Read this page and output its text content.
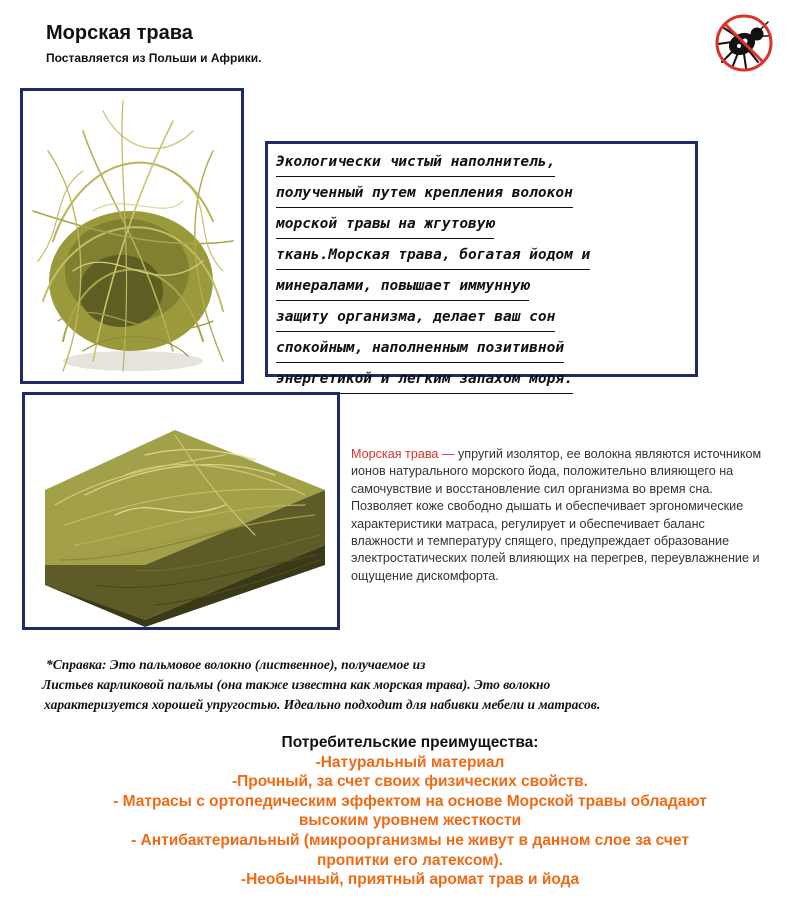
Морская трава
Поставляется из Польши и Африки.
Экологически чистый наполнитель,
полученный путем крепления волокон
морской травы на жгутовую
ткань.Морская трава, богатая йодом и
минералами, повышает иммунную
защиту организма, делает ваш сон
спокойным, наполненным позитивной
энергетикой и легким запахом моря.
Морская трава — упругий изолятор, ее волокна являются источником ионов натурального морского йода, положительно влияющего на самочувствие и восстановление сил организма во время сна. Позволяет коже свободно дышать и обеспечивает эргономические характеристики матраса, регулирует и обеспечивает баланс влажности и температуру спящего, предупреждает образование электростатических полей влияющих на перегрев, переувлажнение и ощущение дискомфорта.
*Справка: Это пальмовое волокно (лиственное), получаемое из
Листьев карликовой пальмы (она также известна как морская трава). Это волокно
характеризуется хорошей упругостью. Идеально подходит для набивки мебели и матрасов.
Потребительские преимущества:
-Натуральный материал
-Прочный, за счет своих физических свойств.
- Матрасы с ортопедическим эффектом на основе Морской травы обладают
высоким уровнем жесткости
- Антибактериальный (микроорганизмы не живут в данном слое за счет
пропитки его латексом).
-Необычный, приятный аромат трав и йода
